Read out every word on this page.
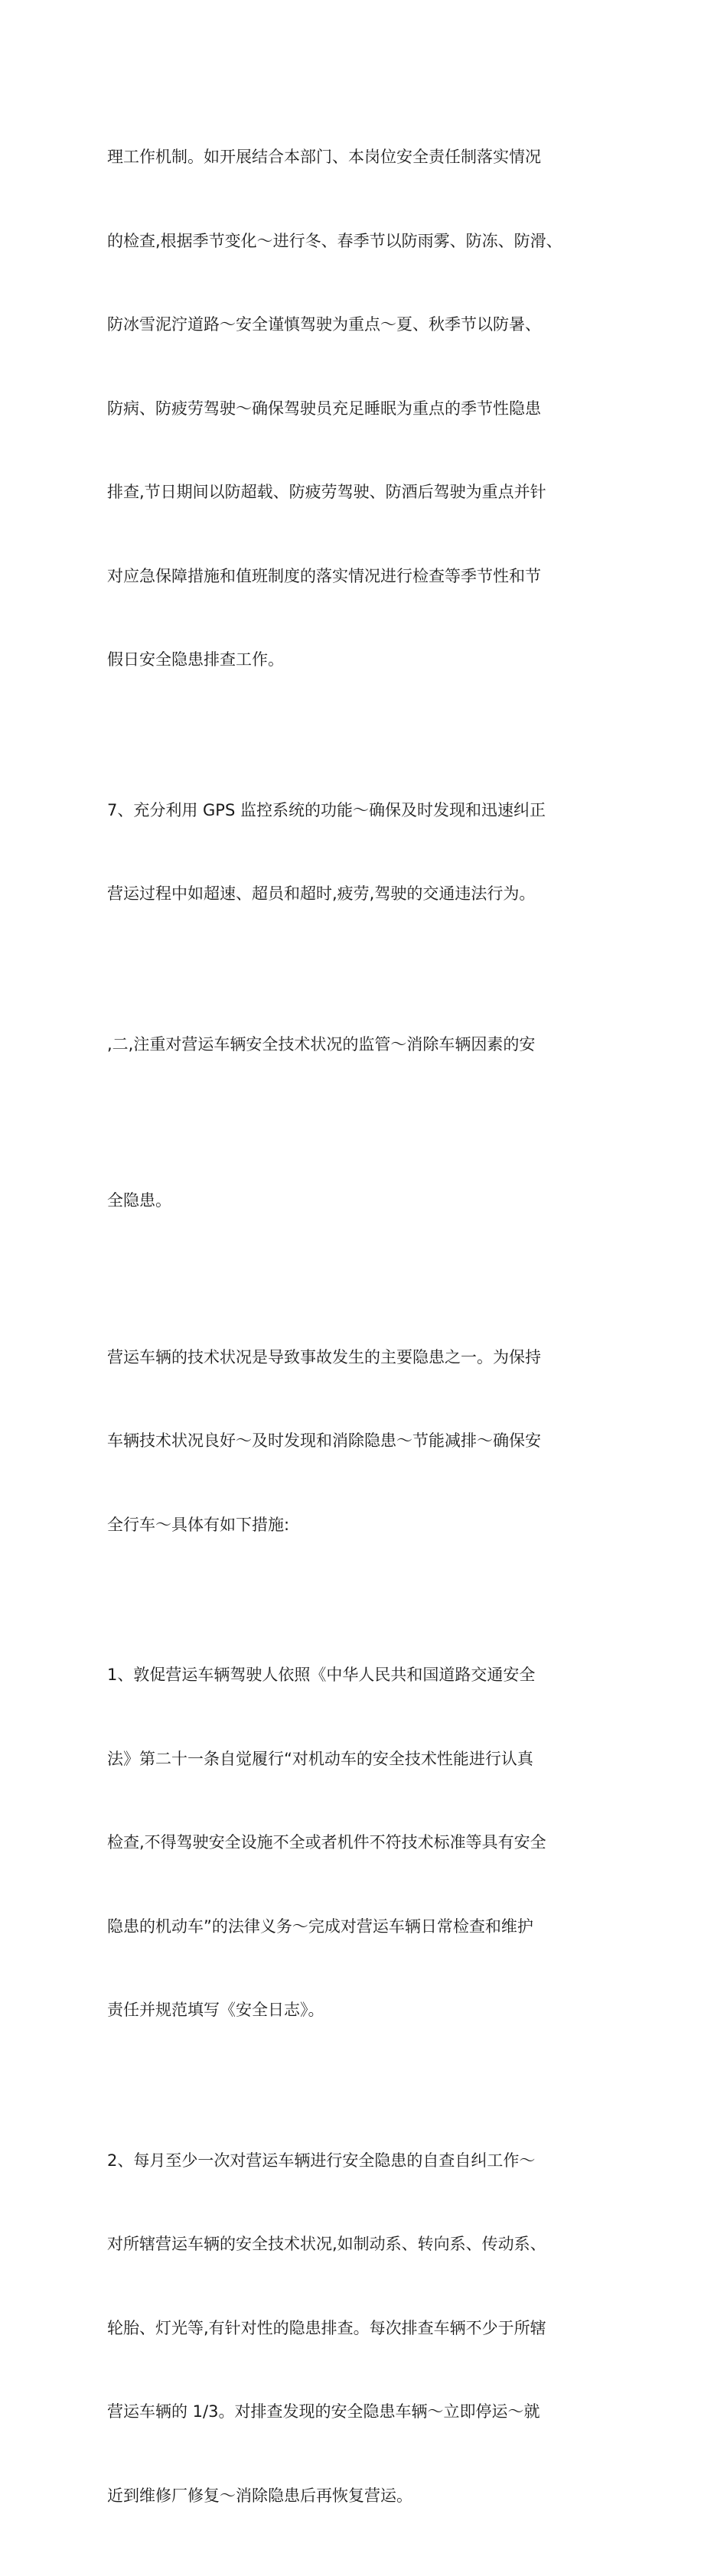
理工作机制。如开展结合本部门、本岗位安全责任制落实情况

的检查,根据季节变化～进行冬、春季节以防雨雾、防冻、防滑、

防冰雪泥泞道路～安全谨慎驾驶为重点～夏、秋季节以防暑、

防病、防疲劳驾驶～确保驾驶员充足睡眠为重点的季节性隐患

排查,节日期间以防超载、防疲劳驾驶、防酒后驾驶为重点并针

对应急保障措施和值班制度的落实情况进行检查等季节性和节

假日安全隐患排查工作。

7、充分利用 GPS 监控系统的功能～确保及时发现和迅速纠正

营运过程中如超速、超员和超时,疲劳,驾驶的交通违法行为。

,二,注重对营运车辆安全技术状况的监管～消除车辆因素的安

全隐患。

营运车辆的技术状况是导致事故发生的主要隐患之一。为保持

车辆技术状况良好～及时发现和消除隐患～节能减排～确保安

全行车～具体有如下措施:

1、敦促营运车辆驾驶人依照《中华人民共和国道路交通安全

法》第二十一条自觉履行“对机动车的安全技术性能进行认真

检查,不得驾驶安全设施不全或者机件不符技术标准等具有安全

隐患的机动车”的法律义务～完成对营运车辆日常检查和维护

责任并规范填写《安全日志》。

2、每月至少一次对营运车辆进行安全隐患的自查自纠工作～

对所辖营运车辆的安全技术状况,如制动系、转向系、传动系、

轮胎、灯光等,有针对性的隐患排查。每次排查车辆不少于所辖

营运车辆的 1/3。对排查发现的安全隐患车辆～立即停运～就

近到维修厂修复～消除隐患后再恢复营运。
